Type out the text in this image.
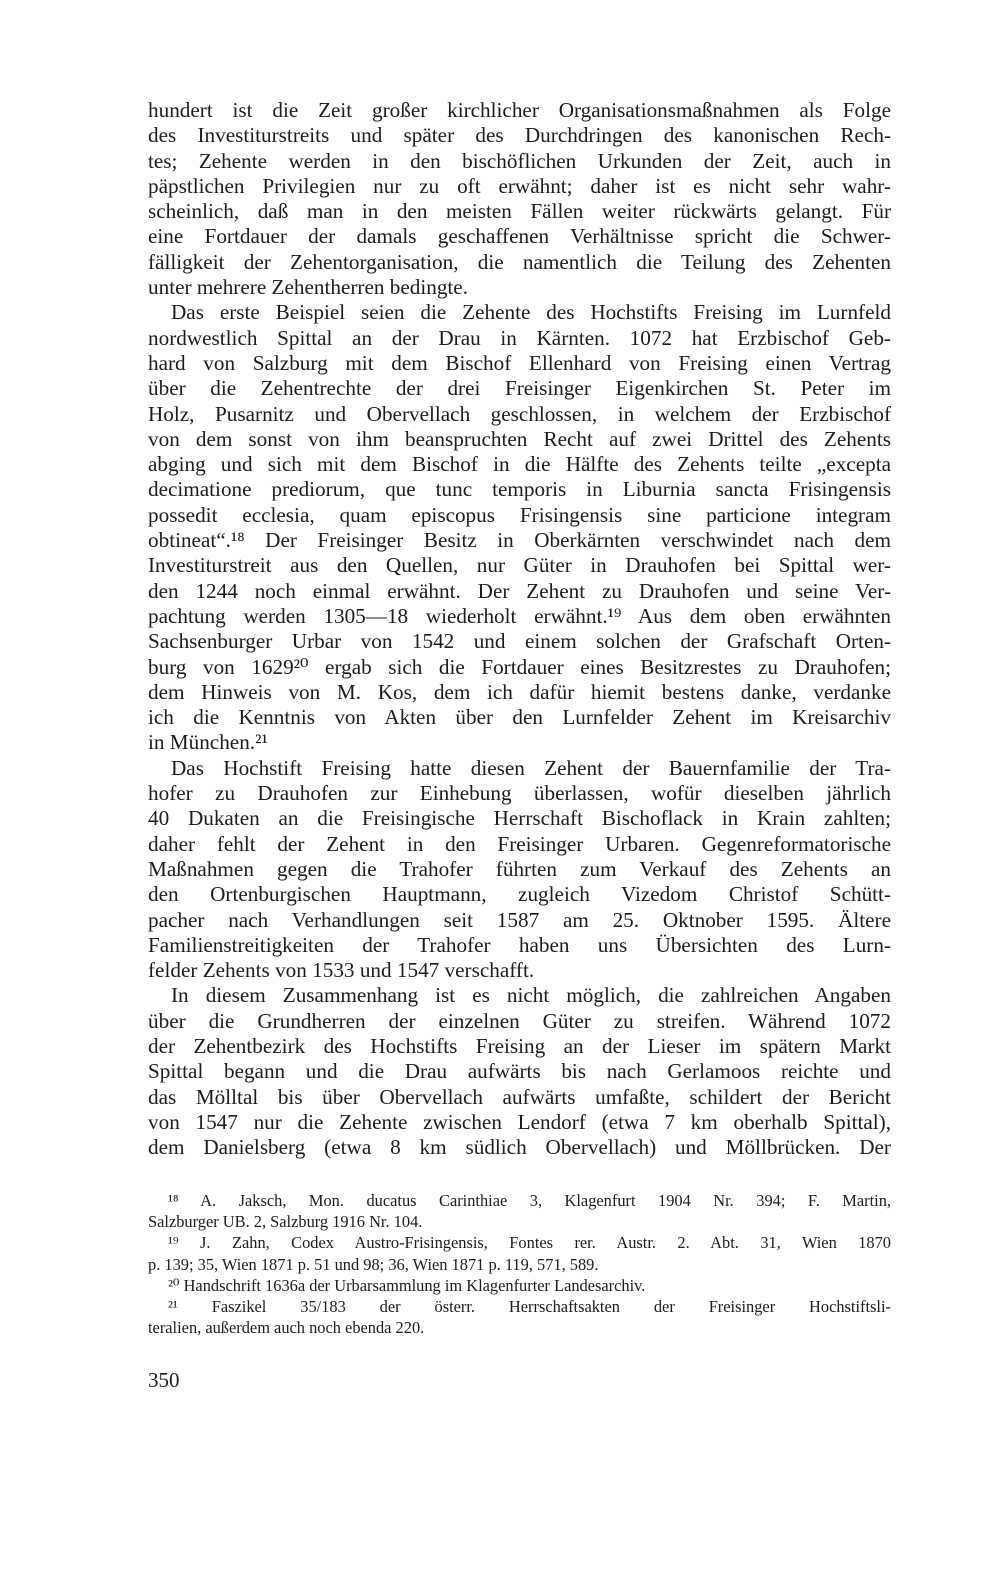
hundert ist die Zeit großer kirchlicher Organisationsmaßnahmen als Folge
des Investiturstreits und später des Durchdringen des kanonischen Rech-
tes; Zehente werden in den bischöflichen Urkunden der Zeit, auch in
päpstlichen Privilegien nur zu oft erwähnt; daher ist es nicht sehr wahr-
scheinlich, daß man in den meisten Fällen weiter rückwärts gelangt. Für
eine Fortdauer der damals geschaffenen Verhältnisse spricht die Schwer-
fälligkeit der Zehentorganisation, die namentlich die Teilung des Zehenten
unter mehrere Zehentherren bedingte.
Das erste Beispiel seien die Zehente des Hochstifts Freising im Lurnfeld
nordwestlich Spittal an der Drau in Kärnten. 1072 hat Erzbischof Geb-
hard von Salzburg mit dem Bischof Ellenhard von Freising einen Vertrag
über die Zehentrechte der drei Freisinger Eigenkirchen St. Peter im
Holz, Pusarnitz und Obervellach geschlossen, in welchem der Erzbischof
von dem sonst von ihm beanspruchten Recht auf zwei Drittel des Zehents
abging und sich mit dem Bischof in die Hälfte des Zehents teilte „excepta
decimatione prediorum, que tunc temporis in Liburnia sancta Frisingensis
possedit ecclesia, quam episcopus Frisingensis sine particione integram
obtineat“.¹⁸ Der Freisinger Besitz in Oberkärnten verschwindet nach dem
Investiturstreit aus den Quellen, nur Güter in Drauhofen bei Spittal wer-
den 1244 noch einmal erwähnt. Der Zehent zu Drauhofen und seine Ver-
pachtung werden 1305—18 wiederholt erwähnt.¹⁹ Aus dem oben erwähnten
Sachsenburger Urbar von 1542 und einem solchen der Grafschaft Orten-
burg von 1629²⁰ ergab sich die Fortdauer eines Besitzrestes zu Drauhofen;
dem Hinweis von M. Kos, dem ich dafür hiemit bestens danke, verdanke
ich die Kenntnis von Akten über den Lurnfelder Zehent im Kreisarchiv
in München.²¹
Das Hochstift Freising hatte diesen Zehent der Bauernfamilie der Tra-
hofer zu Drauhofen zur Einhebung überlassen, wofür dieselben jährlich
40 Dukaten an die Freisingische Herrschaft Bischoflack in Krain zahlten;
daher fehlt der Zehent in den Freisinger Urbaren. Gegenreformatorische
Maßnahmen gegen die Trahofer führten zum Verkauf des Zehents an
den Ortenburgischen Hauptmann, zugleich Vizedom Christof Schütt-
pacher nach Verhandlungen seit 1587 am 25. Oktnober 1595. Ältere
Familienstreitigkeiten der Trahofer haben uns Übersichten des Lurn-
felder Zehents von 1533 und 1547 verschafft.
In diesem Zusammenhang ist es nicht möglich, die zahlreichen Angaben
über die Grundherren der einzelnen Güter zu streifen. Während 1072
der Zehentbezirk des Hochstifts Freising an der Lieser im spätern Markt
Spittal begann und die Drau aufwärts bis nach Gerlamoos reichte und
das Mölltal bis über Obervellach aufwärts umfaßte, schildert der Bericht
von 1547 nur die Zehente zwischen Lendorf (etwa 7 km oberhalb Spittal),
dem Danielsberg (etwa 8 km südlich Obervellach) und Möllbrücken. Der
¹⁸ A. Jaksch, Mon. ducatus Carinthiae 3, Klagenfurt 1904 Nr. 394; F. Martin,
Salzburger UB. 2, Salzburg 1916 Nr. 104.
¹⁹ J. Zahn, Codex Austro-Frisingensis, Fontes rer. Austr. 2. Abt. 31, Wien 1870
p. 139; 35, Wien 1871 p. 51 und 98; 36, Wien 1871 p. 119, 571, 589.
²⁰ Handschrift 1636a der Urbarsammlung im Klagenfurter Landesarchiv.
²¹ Faszikel 35/183 der österr. Herrschaftsakten der Freisinger Hochstiftsli-
teralien, außerdem auch noch ebenda 220.
350
